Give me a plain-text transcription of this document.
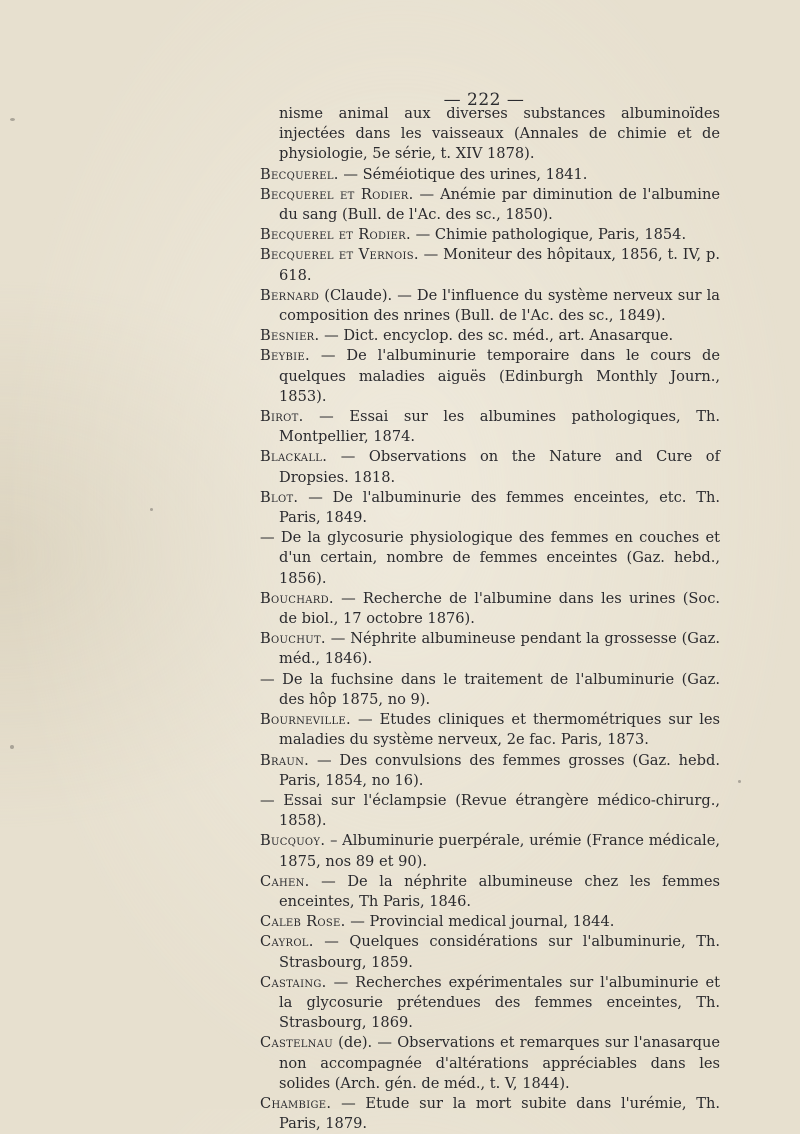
— 222 —

nisme animal aux diverses substances albuminoïdes injectées dans les vaisseaux (Annales de chimie et de physiologie, 5e série, t. XIV 1878).

Becquerel. — Séméiotique des urines, 1841.

Becquerel et Rodier. — Anémie par diminution de l'albumine du sang (Bull. de l'Ac. des sc., 1850).

Becquerel et Rodier. — Chimie pathologique, Paris, 1854.

Becquerel et Vernois. — Moniteur des hôpitaux, 1856, t. IV, p. 618.

Bernard (Claude). — De l'influence du système nerveux sur la composition des nrines (Bull. de l'Ac. des sc., 1849).

Besnier. — Dict. encyclop. des sc. méd., art. Anasarque.

Beybie. — De l'albuminurie temporaire dans le cours de quelques maladies aiguës (Edinburgh Monthly Journ., 1853).

Birot. — Essai sur les albumines pathologiques, Th. Montpellier, 1874.

Blackall. — Observations on the Nature and Cure of Dropsies. 1818.

Blot. — De l'albuminurie des femmes enceintes, etc. Th. Paris, 1849.

— De la glycosurie physiologique des femmes en couches et d'un certain, nombre de femmes enceintes (Gaz. hebd., 1856).

Bouchard. — Recherche de l'albumine dans les urines (Soc. de biol., 17 octobre 1876).

Bouchut. — Néphrite albumineuse pendant la grossesse (Gaz. méd., 1846).

— De la fuchsine dans le traitement de l'albuminurie (Gaz. des hôp 1875, no 9).

Bourneville. — Etudes cliniques et thermométriques sur les maladies du système nerveux, 2e fac. Paris, 1873.

Braun. — Des convulsions des femmes grosses (Gaz. hebd. Paris, 1854, no 16).

— Essai sur l'éclampsie (Revue étrangère médico-chirurg., 1858).

Bucquoy. – Albuminurie puerpérale, urémie (France médicale, 1875, nos 89 et 90).

Cahen. — De la néphrite albumineuse chez les femmes enceintes, Th Paris, 1846.

Caleb Rose. — Provincial medical journal, 1844.

Cayrol. — Quelques considérations sur l'albuminurie, Th. Strasbourg, 1859.

Castaing. — Recherches expérimentales sur l'albuminurie et la glycosurie prétendues des femmes enceintes, Th. Strasbourg, 1869.

Castelnau (de). — Observations et remarques sur l'anasarque non accompagnée d'altérations appréciables dans les solides (Arch. gén. de méd., t. V, 1844).

Chambige. — Etude sur la mort subite dans l'urémie, Th. Paris, 1879.
